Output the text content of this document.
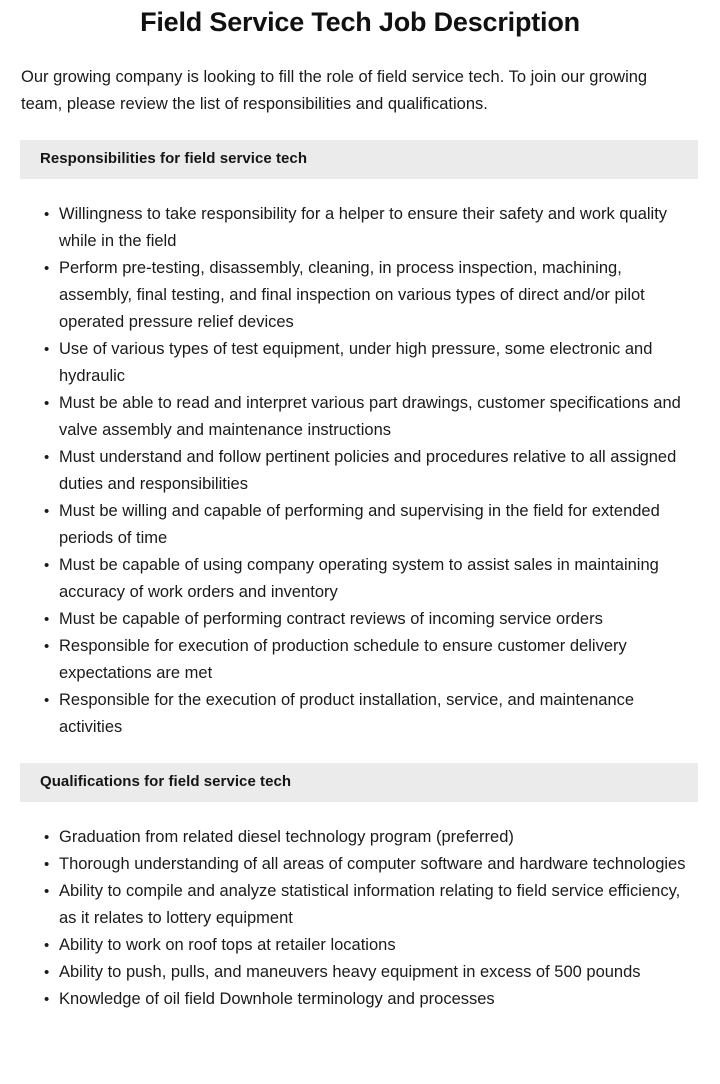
Field Service Tech Job Description

Our growing company is looking to fill the role of field service tech. To join our growing team, please review the list of responsibilities and qualifications.

Responsibilities for field service tech
• Willingness to take responsibility for a helper to ensure their safety and work quality while in the field
• Perform pre-testing, disassembly, cleaning, in process inspection, machining, assembly, final testing, and final inspection on various types of direct and/or pilot operated pressure relief devices
• Use of various types of test equipment, under high pressure, some electronic and hydraulic
• Must be able to read and interpret various part drawings, customer specifications and valve assembly and maintenance instructions
• Must understand and follow pertinent policies and procedures relative to all assigned duties and responsibilities
• Must be willing and capable of performing and supervising in the field for extended periods of time
• Must be capable of using company operating system to assist sales in maintaining accuracy of work orders and inventory
• Must be capable of performing contract reviews of incoming service orders
• Responsible for execution of production schedule to ensure customer delivery expectations are met
• Responsible for the execution of product installation, service, and maintenance activities
Qualifications for field service tech
• Graduation from related diesel technology program (preferred)
• Thorough understanding of all areas of computer software and hardware technologies
• Ability to compile and analyze statistical information relating to field service efficiency, as it relates to lottery equipment
• Ability to work on roof tops at retailer locations
• Ability to push, pulls, and maneuvers heavy equipment in excess of 500 pounds
• Knowledge of oil field Downhole terminology and processes
